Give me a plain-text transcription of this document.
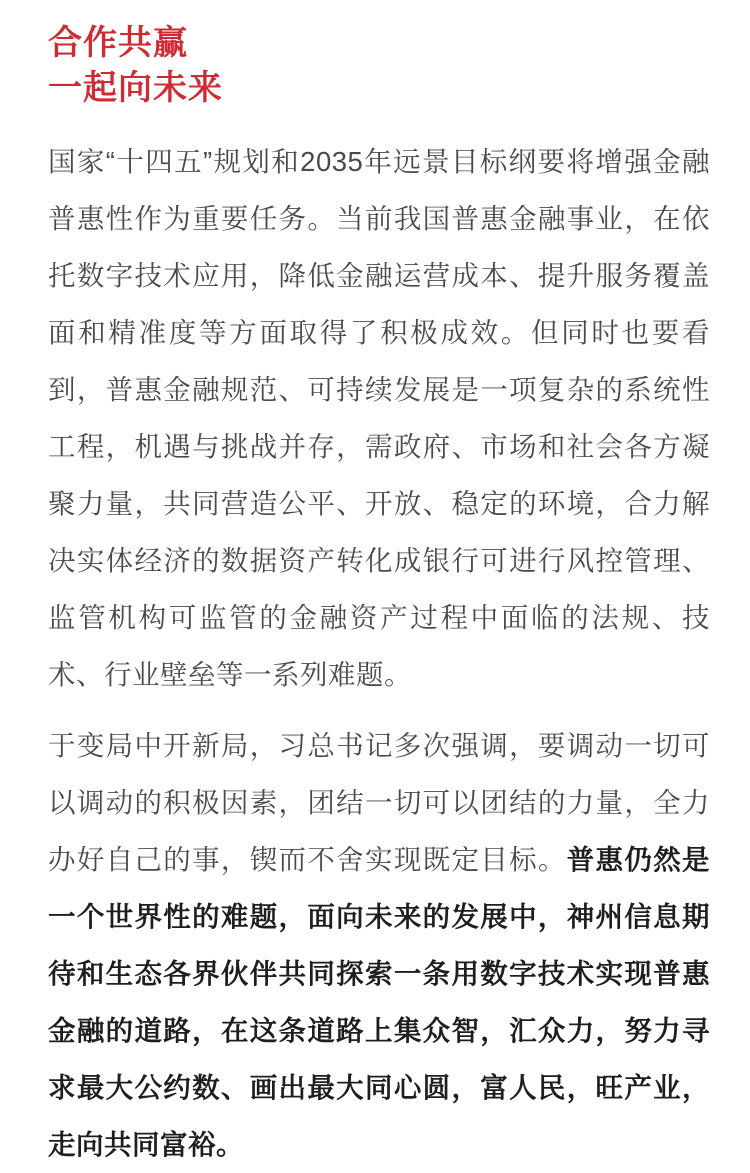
合作共赢
一起向未来

国家“十四五”规划和2035年远景目标纲要将增强金融普惠性作为重要任务。当前我国普惠金融事业，在依托数字技术应用，降低金融运营成本、提升服务覆盖面和精准度等方面取得了积极成效。但同时也要看到，普惠金融规范、可持续发展是一项复杂的系统性工程，机遇与挑战并存，需政府、市场和社会各方凝聚力量，共同营造公平、开放、稳定的环境，合力解决实体经济的数据资产转化成银行可进行风控管理、监管机构可监管的金融资产过程中面临的法规、技术、行业壁垒等一系列难题。

于变局中开新局，习总书记多次强调，要调动一切可以调动的积极因素，团结一切可以团结的力量，全力办好自己的事，锲而不舍实现既定目标。普惠仍然是一个世界性的难题，面向未来的发展中，神州信息期待和生态各界伙伴共同探索一条用数字技术实现普惠金融的道路，在这条道路上集众智，汇众力，努力寻求最大公约数、画出最大同心圆，富人民，旺产业，走向共同富裕。
